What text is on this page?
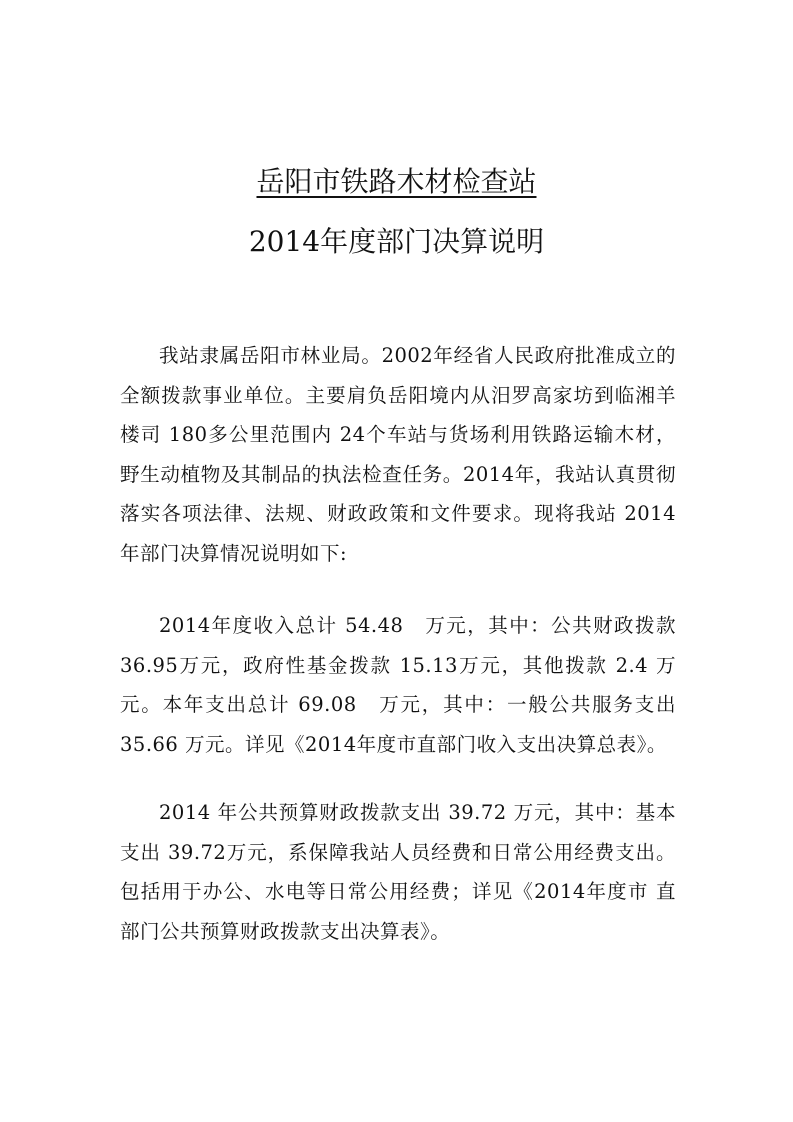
岳阳市铁路木材检查站
2014年度部门决算说明

我站隶属岳阳市林业局。2002年经省人民政府批准成立的全额拨款事业单位。主要肩负岳阳境内从汨罗高家坊到临湘羊楼司 180多公里范围内 24个车站与货场利用铁路运输木材，野生动植物及其制品的执法检查任务。2014年，我站认真贯彻落实各项法律、法规、财政政策和文件要求。现将我站 2014年部门决算情况说明如下:

2014年度收入总计 54.48　万元，其中：公共财政拨款36.95万元，政府性基金拨款 15.13万元，其他拨款 2.4 万元。本年支出总计 69.08　万元，其中：一般公共服务支出35.66 万元。详见《2014年度市直部门收入支出决算总表》。

2014 年公共预算财政拨款支出 39.72 万元，其中：基本支出 39.72万元，系保障我站人员经费和日常公用经费支出。包括用于办公、水电等日常公用经费；详见《2014年度市 直部门公共预算财政拨款支出决算表》。
